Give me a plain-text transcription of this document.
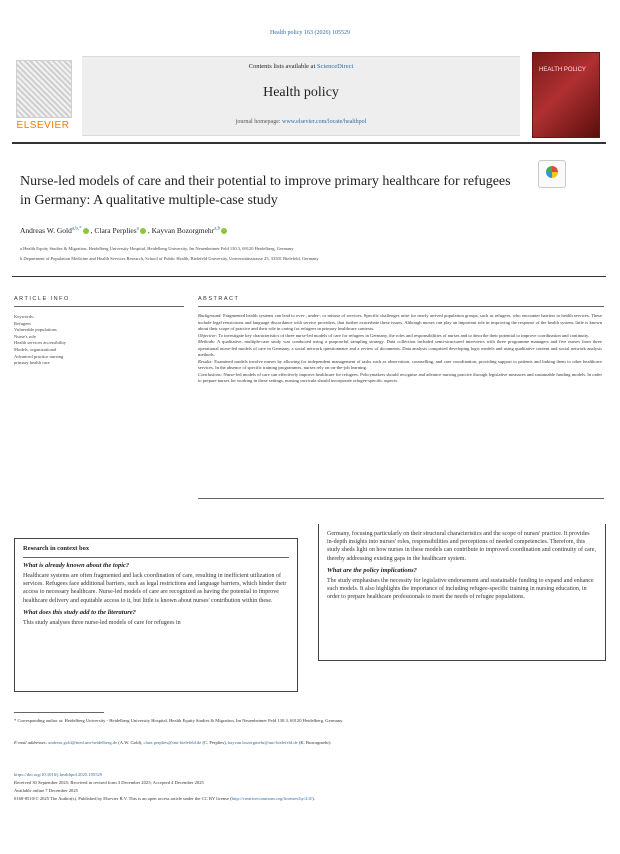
Health policy 163 (2026) 105529
ELSEVIER
Contents lists available at ScienceDirect
Health policy
journal homepage: www.elsevier.com/locate/healthpol
HEALTH POLICY
Nurse-led models of care and their potential to improve primary healthcare for refugees in Germany: A qualitative multiple-case study
Andreas W. Gold$^{a,b,*}$ , Clara Perplies$^a$ , Kayvan Bozorgmehr$^{a,b}$
a Health Equity Studies & Migration, Heidelberg University Hospital, Heidelberg University, Im Neuenheimer Feld 130.3, 69120 Heidelberg, Germany
b Department of Population Medicine and Health Services Research, School of Public Health, Bielefeld University, Universitätsstrasse 25, 33501 Bielefeld, Germany
ARTICLE INFO	ABSTRACT
Keywords:
Refugees
Vulnerable populations
Nurse's role
Health services accessibility
Models, organizational
Advanced practice nursing
primary health care

Background: Fragmented health systems can lead to over-, under-, or misuse of services. Specific challenges arise for newly arrived population groups, such as refugees, who encounter barriers to health services. These include legal restrictions and language discordance with service providers, that further exacerbate these issues. Although nurses can play an important role in improving the response of the health system, little is known about their scope of practice and their role in caring for refugees in primary healthcare contexts.

Objective: To investigate key characteristics of three nurse-led models of care for refugees in Germany, the roles and responsibilities of nurses and to describe their potential to improve coordination and continuity.

Methods: A qualitative, multiple-case study was conducted using a purposeful sampling strategy. Data collection included semi-structured interviews with three programme managers and five nurses from three operational nurse-led models of care in Germany, a social network questionnaire and a review of documents. Data analysis comprised developing logic models and using qualitative content and social network analysis methods.

Results: Examined models involve nurses by allowing for independent management of tasks such as observation, counselling, and care coordination, providing support to patients and linking them to other healthcare services. In the absence of specific training programmes, nurses rely on on-the-job learning.

Conclusions: Nurse-led models of care can effectively improve healthcare for refugees. Policymakers should recognise and advance nursing practice through legislative measures and sustainable funding models. In order to prepare nurses for working in these settings, nursing curricula should incorporate refugee-specific aspects.

Research in context box
What is already known about the topic?

Healthcare systems are often fragmented and lack coordination of care, resulting in inefficient utilization of services. Refugees face additional barriers, such as legal restrictions and language barriers, which hinder their access to necessary healthcare. Nurse-led models of care are recognized as having the potential to improve healthcare delivery and equitable access to it, but little is known about nurses' contribution within these.

What does this study add to the literature?

This study analyses three nurse-led models of care for refugees in

Germany, focusing particularly on their structural characteristics and the scope of nurses' practice. It provides in-depth insights into nurses' roles, responsibilities and perceptions of needed competencies. Therefore, this study sheds light on how nurses in these models can contribute to improved coordination and continuity of care, thereby addressing existing gaps in the healthcare system.

What are the policy implications?

The study emphasises the necessity for legislative endorsement and sustainable funding to expand and enhance such models. It also highlights the importance of including refugee-specific training in nursing education, in order to prepare healthcare professionals to meet the needs of refugee populations.

* Corresponding author at: Heidelberg University - Heidelberg University Hospital, Health Equity Studies & Migration, Im Neuenheimer Feld 130.3, 69120 Heidelberg, Germany.
E-mail addresses: andreas.gold@med.uni-heidelberg.de (A.W. Gold), clara.perplies@uni-bielefeld.de (C. Perplies), kayvan.bozorgmehr@uni-bielefeld.de (K. Bozorgmehr).
https://doi.org/10.1016/j.healthpol.2025.105529
Received 30 September 2025; Received in revised form 3 December 2025; Accepted 4 December 2025
Available online 7 December 2025
0168-8510/© 2025 The Author(s). Published by Elsevier B.V. This is an open access article under the CC BY license (http://creativecommons.org/licenses/by/4.0/).
